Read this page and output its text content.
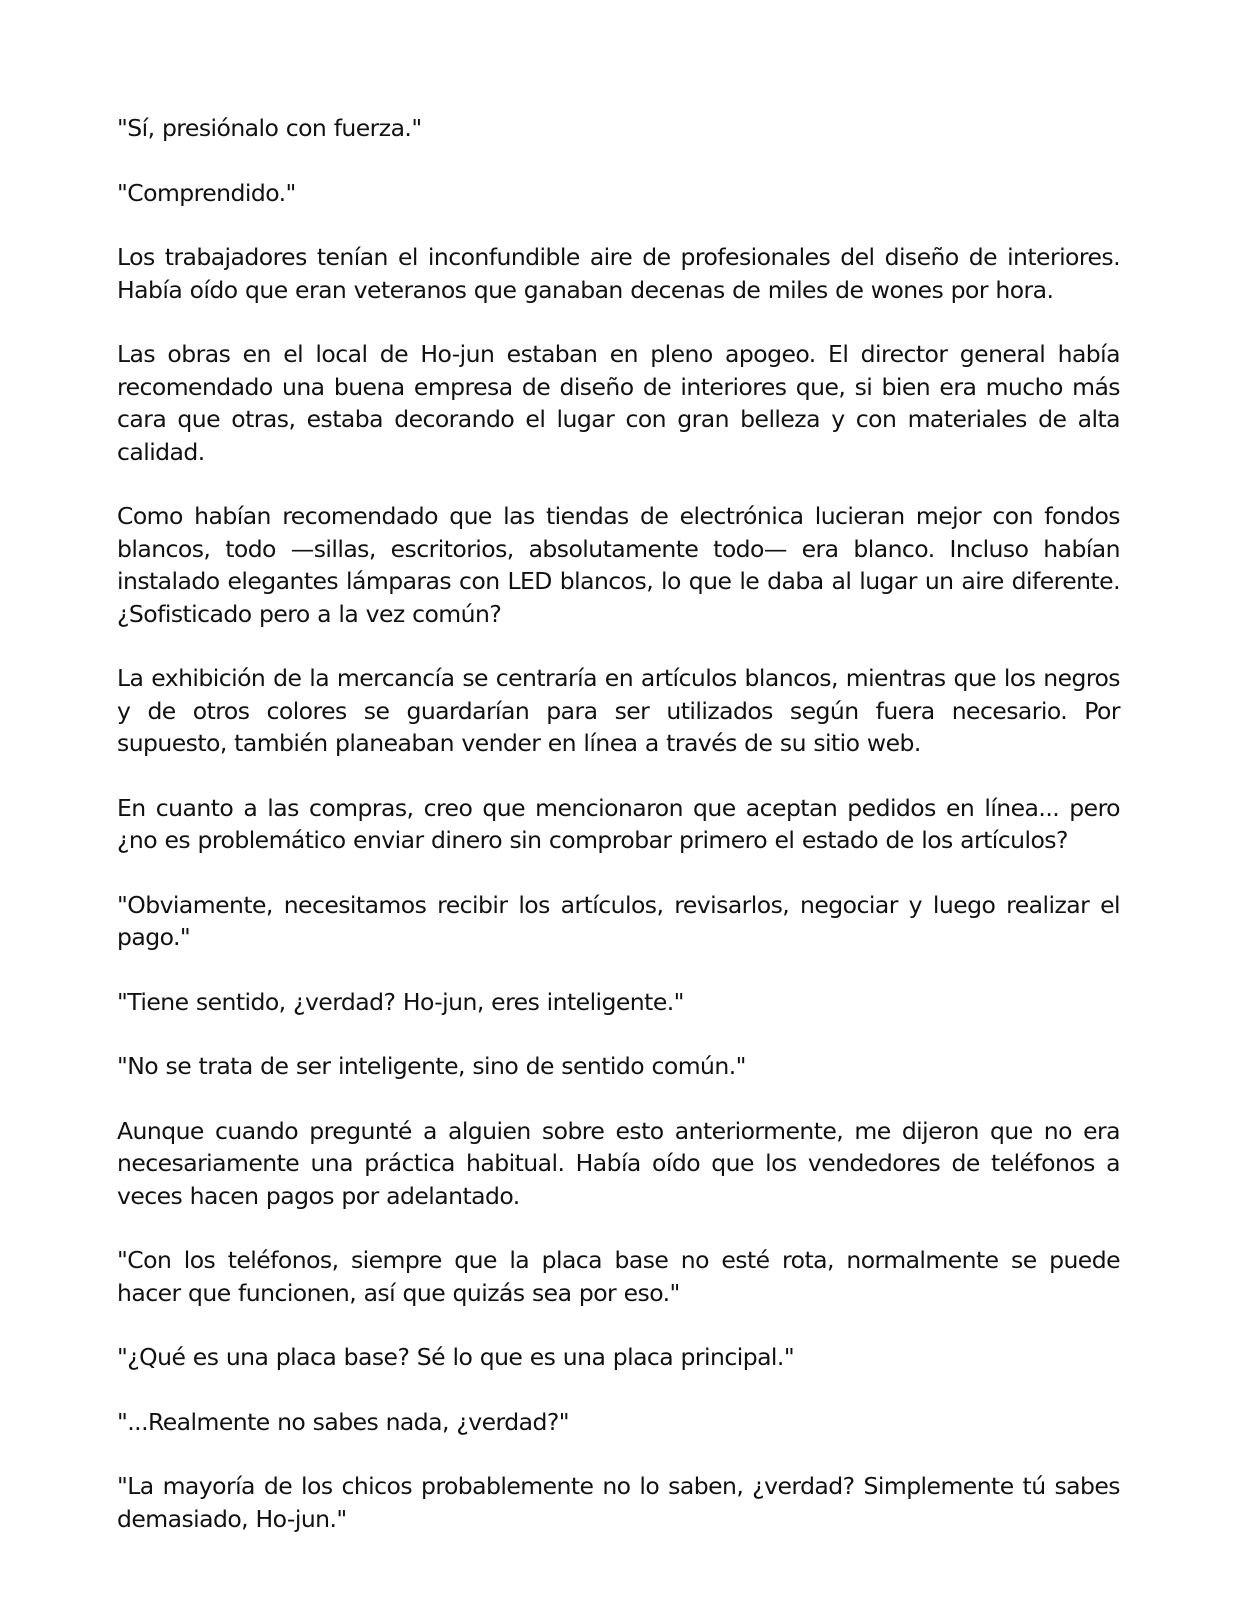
"Sí, presiónalo con fuerza."

"Comprendido."

Los trabajadores tenían el inconfundible aire de profesionales del diseño de interiores. Había oído que eran veteranos que ganaban decenas de miles de wones por hora.

Las obras en el local de Ho-jun estaban en pleno apogeo. El director general había recomendado una buena empresa de diseño de interiores que, si bien era mucho más cara que otras, estaba decorando el lugar con gran belleza y con materiales de alta calidad.

Como habían recomendado que las tiendas de electrónica lucieran mejor con fondos blancos, todo —sillas, escritorios, absolutamente todo— era blanco. Incluso habían instalado elegantes lámparas con LED blancos, lo que le daba al lugar un aire diferente. ¿Sofisticado pero a la vez común?

La exhibición de la mercancía se centraría en artículos blancos, mientras que los negros y de otros colores se guardarían para ser utilizados según fuera necesario. Por supuesto, también planeaban vender en línea a través de su sitio web.

En cuanto a las compras, creo que mencionaron que aceptan pedidos en línea... pero ¿no es problemático enviar dinero sin comprobar primero el estado de los artículos?

"Obviamente, necesitamos recibir los artículos, revisarlos, negociar y luego realizar el pago."

"Tiene sentido, ¿verdad? Ho-jun, eres inteligente."

"No se trata de ser inteligente, sino de sentido común."

Aunque cuando pregunté a alguien sobre esto anteriormente, me dijeron que no era necesariamente una práctica habitual. Había oído que los vendedores de teléfonos a veces hacen pagos por adelantado.

"Con los teléfonos, siempre que la placa base no esté rota, normalmente se puede hacer que funcionen, así que quizás sea por eso."

"¿Qué es una placa base? Sé lo que es una placa principal."

"...Realmente no sabes nada, ¿verdad?"

"La mayoría de los chicos probablemente no lo saben, ¿verdad? Simplemente tú sabes demasiado, Ho-jun."
